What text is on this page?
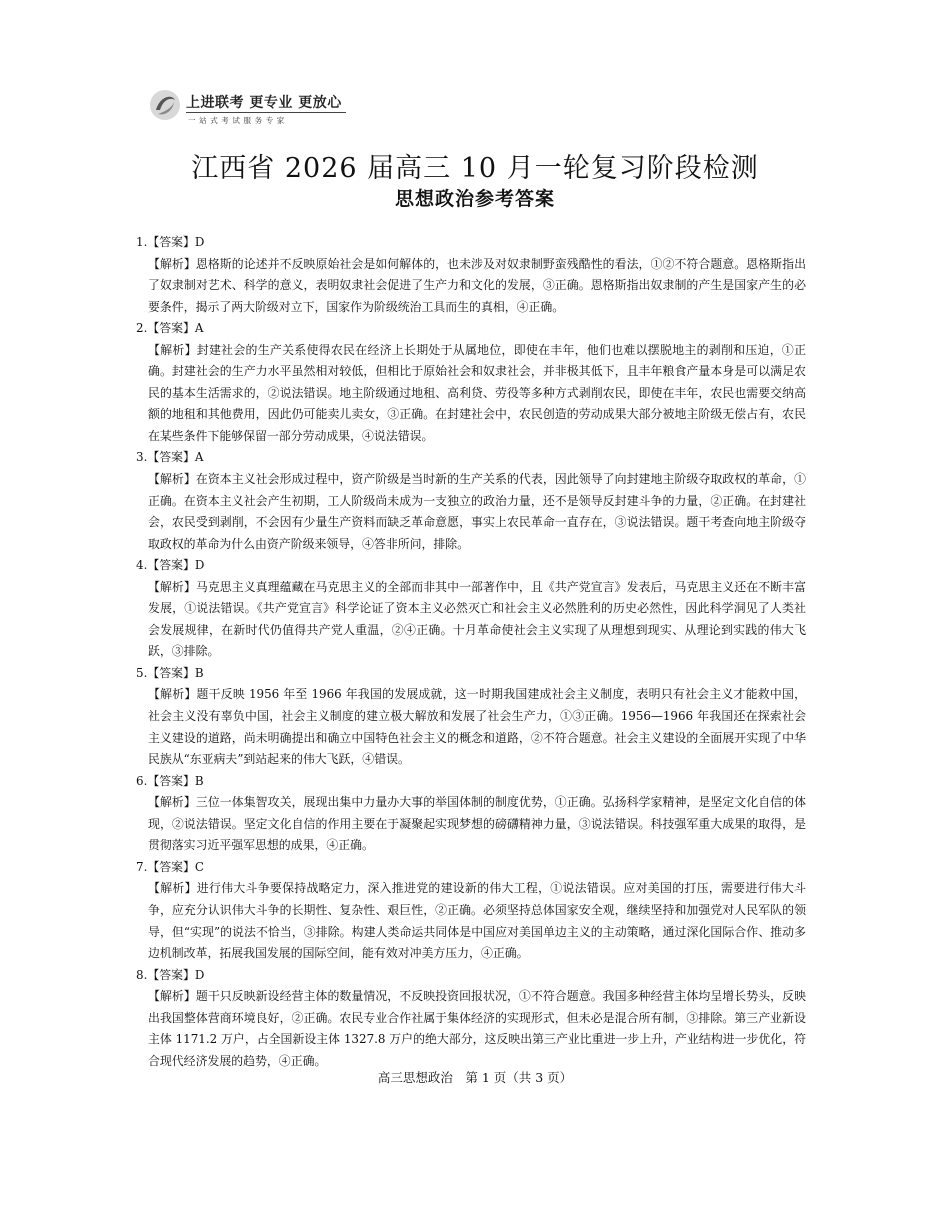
上进联考 更专业 更放心
一站式考试服务专家
江西省 2026 届高三 10 月一轮复习阶段检测
思想政治参考答案

1.【答案】D

【解析】恩格斯的论述并不反映原始社会是如何解体的，也未涉及对奴隶制野蛮残酷性的看法，①②不符合题意。恩格斯指出了奴隶制对艺术、科学的意义，表明奴隶社会促进了生产力和文化的发展，③正确。恩格斯指出奴隶制的产生是国家产生的必要条件，揭示了两大阶级对立下，国家作为阶级统治工具而生的真相，④正确。

2.【答案】A

【解析】封建社会的生产关系使得农民在经济上长期处于从属地位，即使在丰年，他们也难以摆脱地主的剥削和压迫，①正确。封建社会的生产力水平虽然相对较低，但相比于原始社会和奴隶社会，并非极其低下，且丰年粮食产量本身是可以满足农民的基本生活需求的，②说法错误。地主阶级通过地租、高利贷、劳役等多种方式剥削农民，即使在丰年，农民也需要交纳高额的地租和其他费用，因此仍可能卖儿卖女，③正确。在封建社会中，农民创造的劳动成果大部分被地主阶级无偿占有，农民在某些条件下能够保留一部分劳动成果，④说法错误。

3.【答案】A

【解析】在资本主义社会形成过程中，资产阶级是当时新的生产关系的代表，因此领导了向封建地主阶级夺取政权的革命，①正确。在资本主义社会产生初期，工人阶级尚未成为一支独立的政治力量，还不是领导反封建斗争的力量，②正确。在封建社会，农民受到剥削，不会因有少量生产资料而缺乏革命意愿，事实上农民革命一直存在，③说法错误。题干考查向地主阶级夺取政权的革命为什么由资产阶级来领导，④答非所问，排除。

4.【答案】D

【解析】马克思主义真理蕴藏在马克思主义的全部而非其中一部著作中，且《共产党宣言》发表后，马克思主义还在不断丰富发展，①说法错误。《共产党宣言》科学论证了资本主义必然灭亡和社会主义必然胜利的历史必然性，因此科学洞见了人类社会发展规律，在新时代仍值得共产党人重温，②④正确。十月革命使社会主义实现了从理想到现实、从理论到实践的伟大飞跃，③排除。

5.【答案】B

【解析】题干反映 1956 年至 1966 年我国的发展成就，这一时期我国建成社会主义制度，表明只有社会主义才能救中国，社会主义没有辜负中国，社会主义制度的建立极大解放和发展了社会生产力，①③正确。1956—1966 年我国还在探索社会主义建设的道路，尚未明确提出和确立中国特色社会主义的概念和道路，②不符合题意。社会主义建设的全面展开实现了中华民族从“东亚病夫”到站起来的伟大飞跃，④错误。

6.【答案】B

【解析】三位一体集智攻关，展现出集中力量办大事的举国体制的制度优势，①正确。弘扬科学家精神，是坚定文化自信的体现，②说法错误。坚定文化自信的作用主要在于凝聚起实现梦想的磅礴精神力量，③说法错误。科技强军重大成果的取得，是贯彻落实习近平强军思想的成果，④正确。

7.【答案】C

【解析】进行伟大斗争要保持战略定力，深入推进党的建设新的伟大工程，①说法错误。应对美国的打压，需要进行伟大斗争，应充分认识伟大斗争的长期性、复杂性、艰巨性，②正确。必须坚持总体国家安全观，继续坚持和加强党对人民军队的领导，但“实现”的说法不恰当，③排除。构建人类命运共同体是中国应对美国单边主义的主动策略，通过深化国际合作、推动多边机制改革，拓展我国发展的国际空间，能有效对冲美方压力，④正确。

8.【答案】D

【解析】题干只反映新设经营主体的数量情况，不反映投资回报状况，①不符合题意。我国多种经营主体均呈增长势头，反映出我国整体营商环境良好，②正确。农民专业合作社属于集体经济的实现形式，但未必是混合所有制，③排除。第三产业新设主体 1171.2 万户，占全国新设主体 1327.8 万户的绝大部分，这反映出第三产业比重进一步上升，产业结构进一步优化，符合现代经济发展的趋势，④正确。

高三思想政治　第 1 页（共 3 页）
